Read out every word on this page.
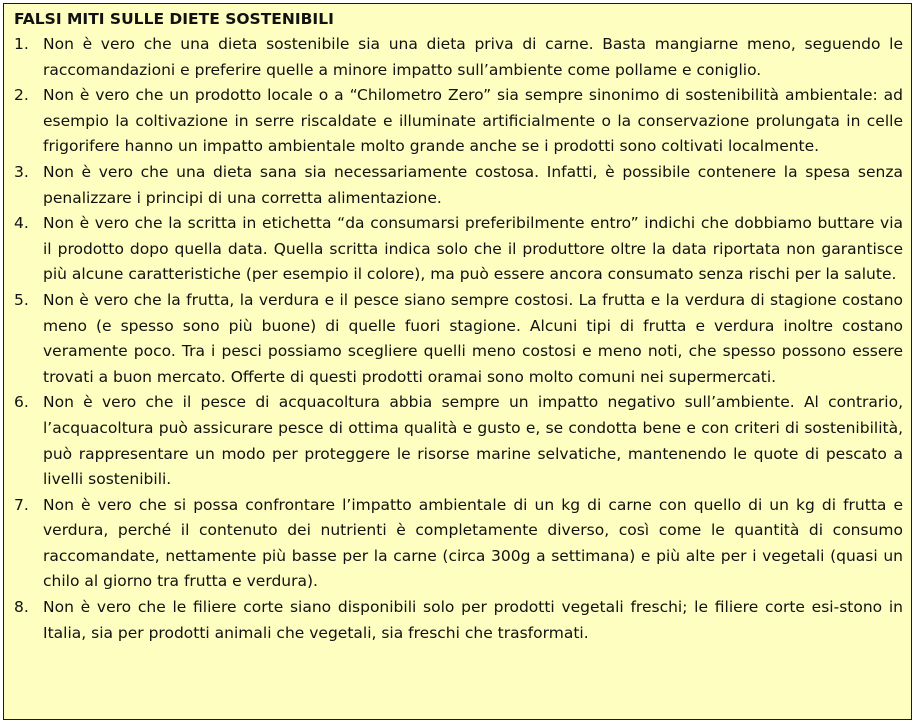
FALSI MITI SULLE DIETE SOSTENIBILI
1. Non è vero che una dieta sostenibile sia una dieta priva di carne. Basta mangiarne meno, seguendo le raccomandazioni e preferire quelle a minore impatto sull’ambiente come pollame e coniglio.
2. Non è vero che un prodotto locale o a “Chilometro Zero” sia sempre sinonimo di sostenibilità ambientale: ad esempio la coltivazione in serre riscaldate e illuminate artificialmente o la conservazione prolungata in celle frigorifere hanno un impatto ambientale molto grande anche se i prodotti sono coltivati localmente.
3. Non è vero che una dieta sana sia necessariamente costosa. Infatti, è possibile contenere la spesa senza penalizzare i principi di una corretta alimentazione.
4. Non è vero che la scritta in etichetta “da consumarsi preferibilmente entro” indichi che dobbiamo buttare via il prodotto dopo quella data. Quella scritta indica solo che il produttore oltre la data riportata non garantisce più alcune caratteristiche (per esempio il colore), ma può essere ancora consumato senza rischi per la salute.
5. Non è vero che la frutta, la verdura e il pesce siano sempre costosi. La frutta e la verdura di stagione costano meno (e spesso sono più buone) di quelle fuori stagione. Alcuni tipi di frutta e verdura inoltre costano veramente poco. Tra i pesci possiamo scegliere quelli meno costosi e meno noti, che spesso possono essere trovati a buon mercato. Offerte di questi prodotti oramai sono molto comuni nei supermercati.
6. Non è vero che il pesce di acquacoltura abbia sempre un impatto negativo sull’ambiente. Al contrario, l’acquacoltura può assicurare pesce di ottima qualità e gusto e, se condotta bene e con criteri di sostenibilità, può rappresentare un modo per proteggere le risorse marine selvatiche, mantenendo le quote di pescato a livelli sostenibili.
7. Non è vero che si possa confrontare l’impatto ambientale di un kg di carne con quello di un kg di frutta e verdura, perché il contenuto dei nutrienti è completamente diverso, così come le quantità di consumo raccomandate, nettamente più basse per la carne (circa 300g a settimana) e più alte per i vegetali (quasi un chilo al giorno tra frutta e verdura).
8. Non è vero che le filiere corte siano disponibili solo per prodotti vegetali freschi; le filiere corte esi-stono in Italia, sia per prodotti animali che vegetali, sia freschi che trasformati.
